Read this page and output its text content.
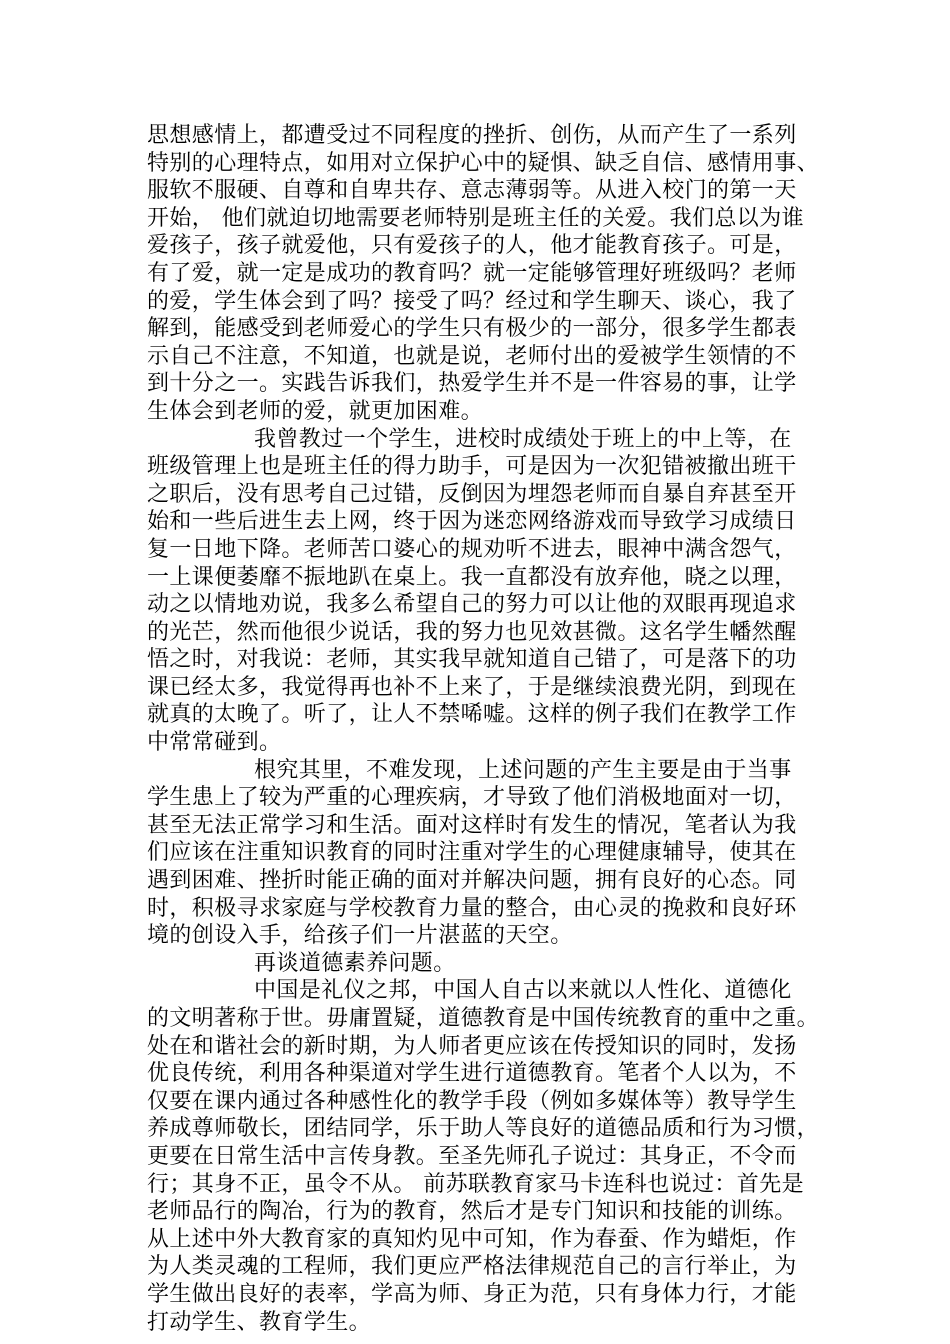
思想感情上，都遭受过不同程度的挫折、创伤，从而产生了一系列
特别的心理特点，如用对立保护心中的疑惧、缺乏自信、感情用事、
服软不服硬、自尊和自卑共存、意志薄弱等。从进入校门的第一天
开始， 他们就迫切地需要老师特别是班主任的关爱。我们总以为谁
爱孩子，孩子就爱他，只有爱孩子的人，他才能教育孩子。可是，
有了爱，就一定是成功的教育吗？就一定能够管理好班级吗？老师
的爱，学生体会到了吗？接受了吗？经过和学生聊天、谈心，我了
解到，能感受到老师爱心的学生只有极少的一部分，很多学生都表
示自己不注意，不知道，也就是说，老师付出的爱被学生领情的不
到十分之一。实践告诉我们，热爱学生并不是一件容易的事，让学
生体会到老师的爱，就更加困难。
我曾教过一个学生，进校时成绩处于班上的中上等，在
班级管理上也是班主任的得力助手，可是因为一次犯错被撤出班干
之职后，没有思考自己过错，反倒因为埋怨老师而自暴自弃甚至开
始和一些后进生去上网，终于因为迷恋网络游戏而导致学习成绩日
复一日地下降。老师苦口婆心的规劝听不进去，眼神中满含怨气，
一上课便萎靡不振地趴在桌上。我一直都没有放弃他，晓之以理，
动之以情地劝说，我多么希望自己的努力可以让他的双眼再现追求
的光芒，然而他很少说话，我的努力也见效甚微。这名学生幡然醒
悟之时，对我说：老师，其实我早就知道自己错了，可是落下的功
课已经太多，我觉得再也补不上来了，于是继续浪费光阴，到现在
就真的太晚了。听了，让人不禁唏嘘。这样的例子我们在教学工作
中常常碰到。
根究其里，不难发现，上述问题的产生主要是由于当事
学生患上了较为严重的心理疾病，才导致了他们消极地面对一切，
甚至无法正常学习和生活。面对这样时有发生的情况，笔者认为我
们应该在注重知识教育的同时注重对学生的心理健康辅导，使其在
遇到困难、挫折时能正确的面对并解决问题，拥有良好的心态。同
时，积极寻求家庭与学校教育力量的整合，由心灵的挽救和良好环
境的创设入手，给孩子们一片湛蓝的天空。
再谈道德素养问题。
中国是礼仪之邦，中国人自古以来就以人性化、道德化
的文明著称于世。毋庸置疑，道德教育是中国传统教育的重中之重。
处在和谐社会的新时期，为人师者更应该在传授知识的同时，发扬
优良传统，利用各种渠道对学生进行道德教育。笔者个人以为，不
仅要在课内通过各种感性化的教学手段（例如多媒体等）教导学生
养成尊师敬长，团结同学，乐于助人等良好的道德品质和行为习惯，
更要在日常生活中言传身教。至圣先师孔子说过：其身正，不令而
行；其身不正，虽令不从。 前苏联教育家马卡连科也说过：首先是
老师品行的陶冶，行为的教育，然后才是专门知识和技能的训练。
从上述中外大教育家的真知灼见中可知，作为春蚕、作为蜡炬，作
为人类灵魂的工程师，我们更应严格法律规范自己的言行举止，为
学生做出良好的表率，学高为师、身正为范，只有身体力行，才能
打动学生、教育学生。
